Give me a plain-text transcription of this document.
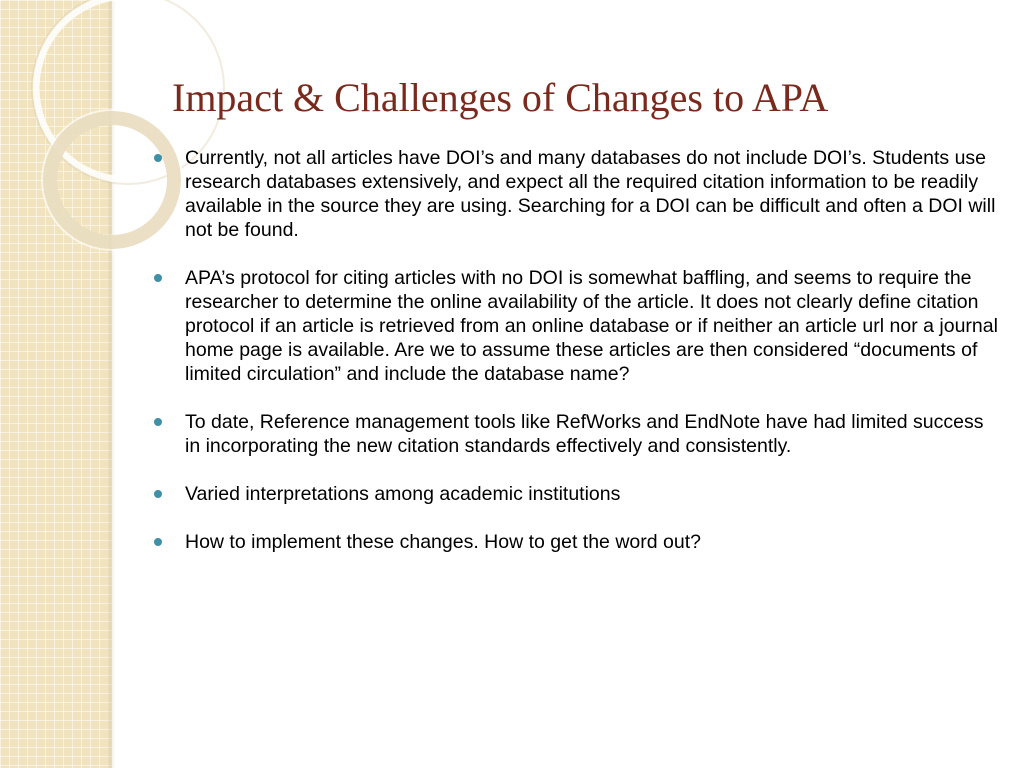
Impact & Challenges of Changes to APA
Currently, not all articles have DOI’s and many databases do not include DOI’s. Students use research databases extensively, and expect all the required citation information to be readily available in the source they are using. Searching for a DOI can be difficult and often a DOI will not be found.
APA’s protocol for citing articles with no DOI is somewhat baffling, and seems to require the researcher to determine the online availability of the article. It does not clearly define citation protocol if an article is retrieved from an online database or if neither an article url nor a journal home page is available. Are we to assume these articles are then considered “documents of limited circulation” and include the database name?
To date, Reference management tools like RefWorks and EndNote have had limited success in incorporating the new citation standards effectively and consistently.
Varied interpretations among academic institutions
How to implement these changes. How to get the word out?
